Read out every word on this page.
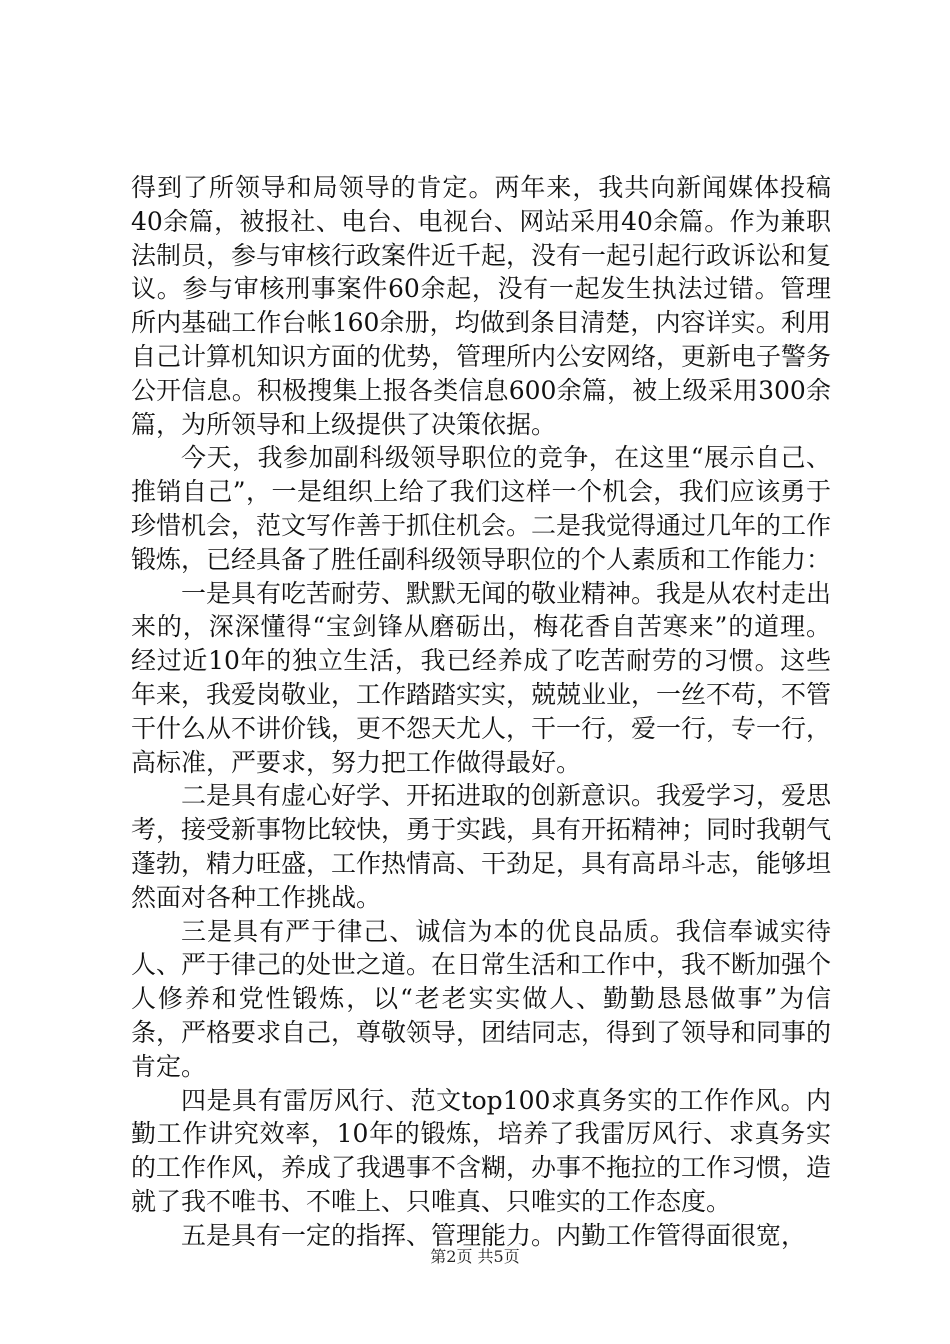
得到了所领导和局领导的肯定。两年来，我共向新闻媒体投稿40余篇，被报社、电台、电视台、网站采用40余篇。作为兼职法制员，参与审核行政案件近千起，没有一起引起行政诉讼和复议。参与审核刑事案件60余起，没有一起发生执法过错。管理所内基础工作台帐160余册，均做到条目清楚，内容详实。利用自己计算机知识方面的优势，管理所内公安网络，更新电子警务公开信息。积极搜集上报各类信息600余篇，被上级采用300余篇，为所领导和上级提供了决策依据。

今天，我参加副科级领导职位的竞争，在这里“展示自己、推销自己”，一是组织上给了我们这样一个机会，我们应该勇于珍惜机会，范文写作善于抓住机会。二是我觉得通过几年的工作锻炼，已经具备了胜任副科级领导职位的个人素质和工作能力：

一是具有吃苦耐劳、默默无闻的敬业精神。我是从农村走出来的，深深懂得“宝剑锋从磨砺出，梅花香自苦寒来”的道理。经过近10年的独立生活，我已经养成了吃苦耐劳的习惯。这些年来，我爱岗敬业，工作踏踏实实，兢兢业业，一丝不苟，不管干什么从不讲价钱，更不怨天尤人，干一行，爱一行，专一行，高标准，严要求，努力把工作做得最好。

二是具有虚心好学、开拓进取的创新意识。我爱学习，爱思考，接受新事物比较快，勇于实践，具有开拓精神；同时我朝气蓬勃，精力旺盛，工作热情高、干劲足，具有高昂斗志，能够坦然面对各种工作挑战。

三是具有严于律己、诚信为本的优良品质。我信奉诚实待人、严于律己的处世之道。在日常生活和工作中，我不断加强个人修养和党性锻炼，以“老老实实做人、勤勤恳恳做事”为信条，严格要求自己，尊敬领导，团结同志，得到了领导和同事的肯定。

四是具有雷厉风行、范文top100求真务实的工作作风。内勤工作讲究效率，10年的锻炼，培养了我雷厉风行、求真务实的工作作风，养成了我遇事不含糊，办事不拖拉的工作习惯，造就了我不唯书、不唯上、只唯真、只唯实的工作态度。

五是具有一定的指挥、管理能力。内勤工作管得面很宽，

第2页 共5页
